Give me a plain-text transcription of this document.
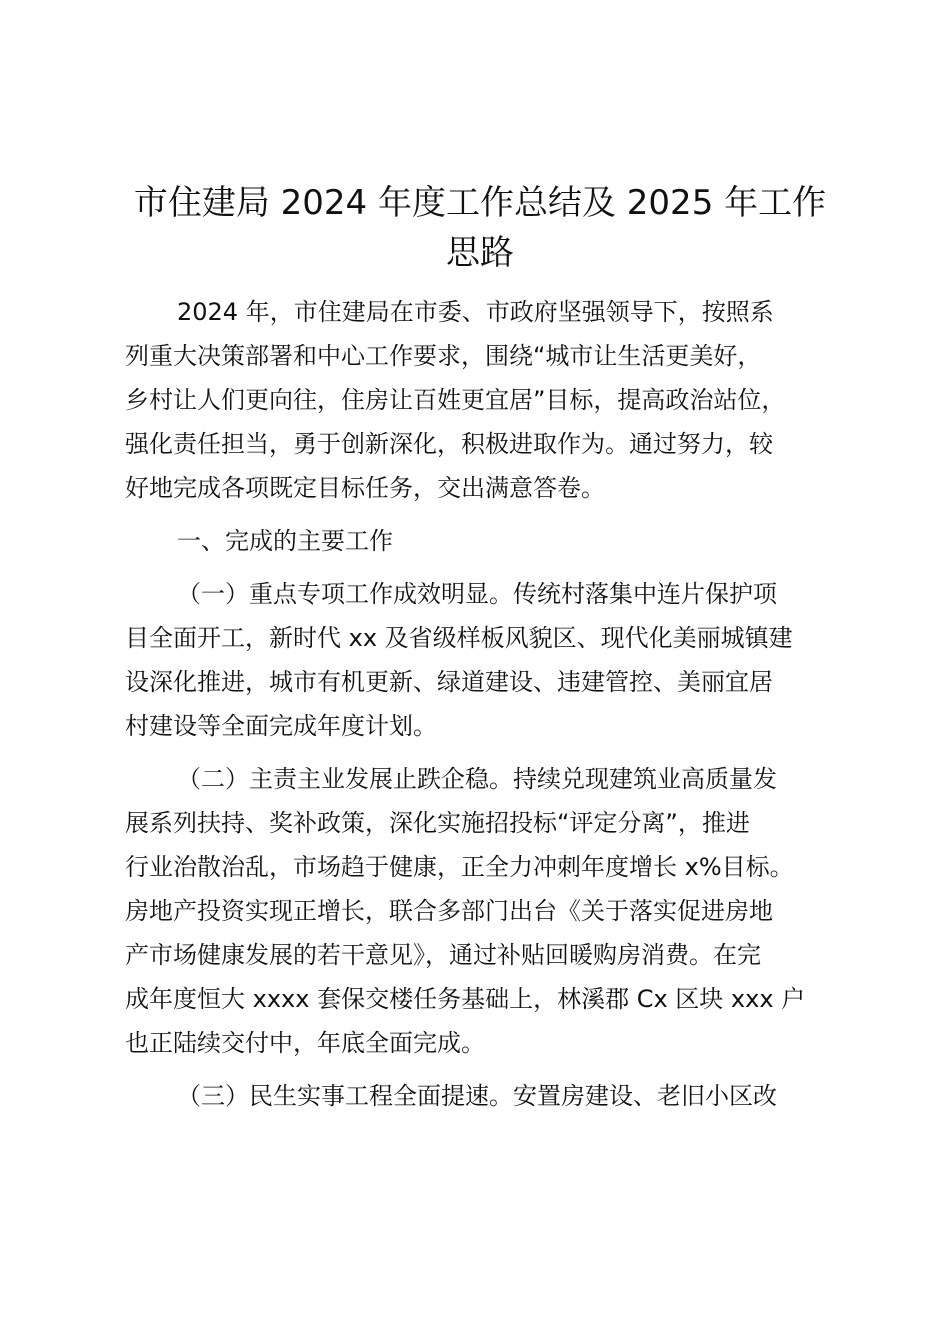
市住建局 2024 年度工作总结及 2025 年工作
思路

2024 年，市住建局在市委、市政府坚强领导下，按照系
列重大决策部署和中心工作要求，围绕“城市让生活更美好，
乡村让人们更向往，住房让百姓更宜居”目标，提高政治站位，
强化责任担当，勇于创新深化，积极进取作为。通过努力，较
好地完成各项既定目标任务，交出满意答卷。

一、完成的主要工作

（一）重点专项工作成效明显。传统村落集中连片保护项
目全面开工，新时代 xx 及省级样板风貌区、现代化美丽城镇建
设深化推进，城市有机更新、绿道建设、违建管控、美丽宜居
村建设等全面完成年度计划。

（二）主责主业发展止跌企稳。持续兑现建筑业高质量发
展系列扶持、奖补政策，深化实施招投标“评定分离”，推进
行业治散治乱，市场趋于健康，正全力冲刺年度增长 x%目标。
房地产投资实现正增长，联合多部门出台《关于落实促进房地
产市场健康发展的若干意见》，通过补贴回暖购房消费。在完
成年度恒大 xxxx 套保交楼任务基础上，林溪郡 Cx 区块 xxx 户
也正陆续交付中，年底全面完成。

（三）民生实事工程全面提速。安置房建设、老旧小区改
